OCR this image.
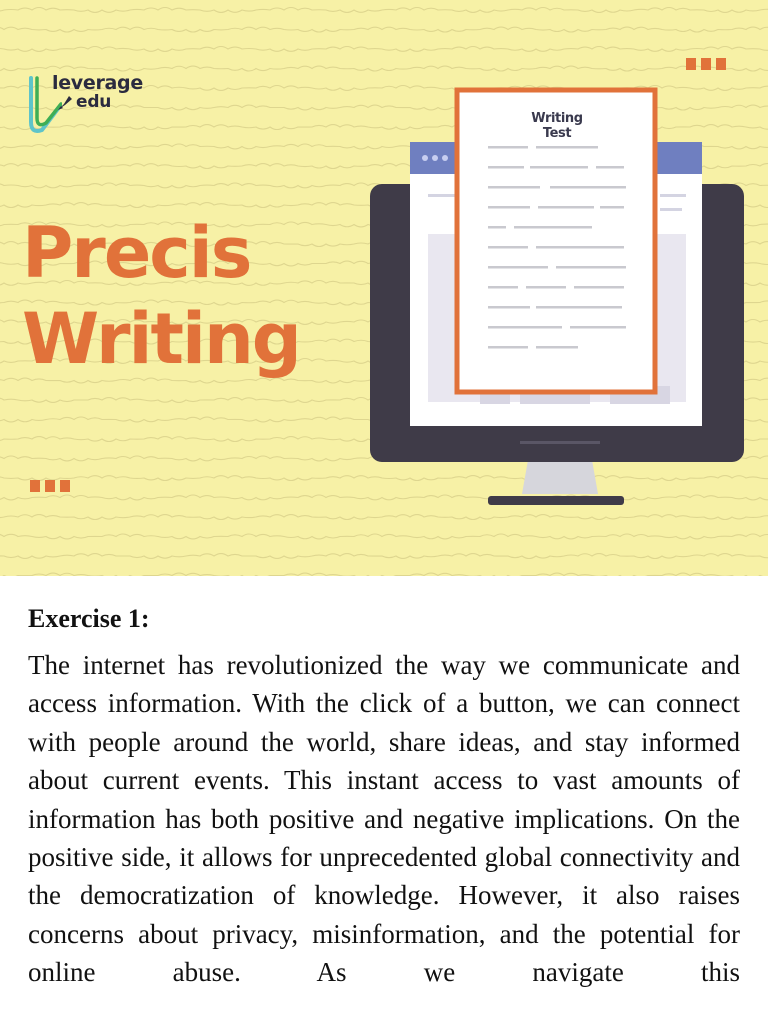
leverage
edu
Precis
Writing
Writing Test
Exercise 1:
The internet has revolutionized the way we communicate and access information. With the click of a button, we can connect with people around the world, share ideas, and stay informed about current events. This instant access to vast amounts of information has both positive and negative implications. On the positive side, it allows for unprecedented global connectivity and the democratization of knowledge. However, it also raises concerns about privacy, misinformation, and the potential for online abuse. As we navigate this
